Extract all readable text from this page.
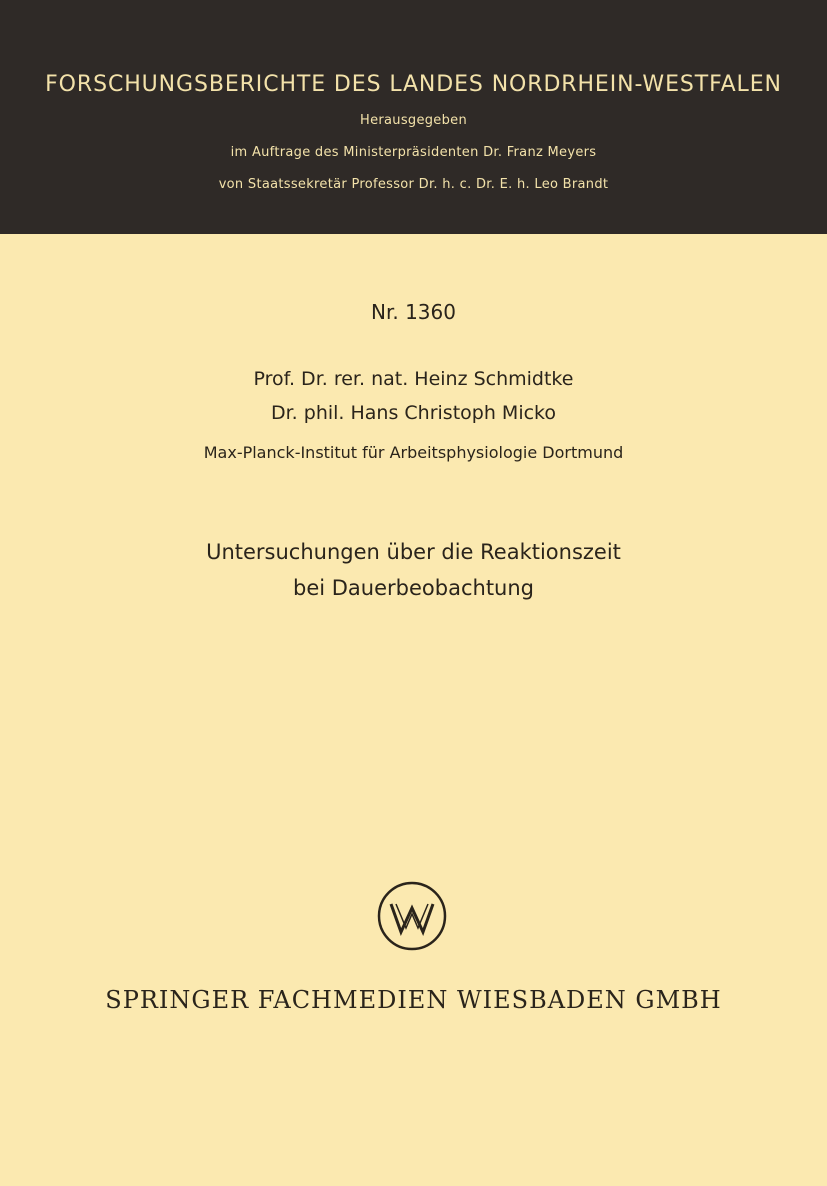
FORSCHUNGSBERICHTE DES LANDES NORDRHEIN-WESTFALEN
Herausgegeben
im Auftrage des Ministerpräsidenten Dr. Franz Meyers
von Staatssekretär Professor Dr. h. c. Dr. E. h. Leo Brandt
Nr. 1360
Prof. Dr. rer. nat. Heinz Schmidtke
Dr. phil. Hans Christoph Micko
Max-Planck-Institut für Arbeitsphysiologie Dortmund
Untersuchungen über die Reaktionszeit
bei Dauerbeobachtung
SPRINGER FACHMEDIEN WIESBADEN GMBH
